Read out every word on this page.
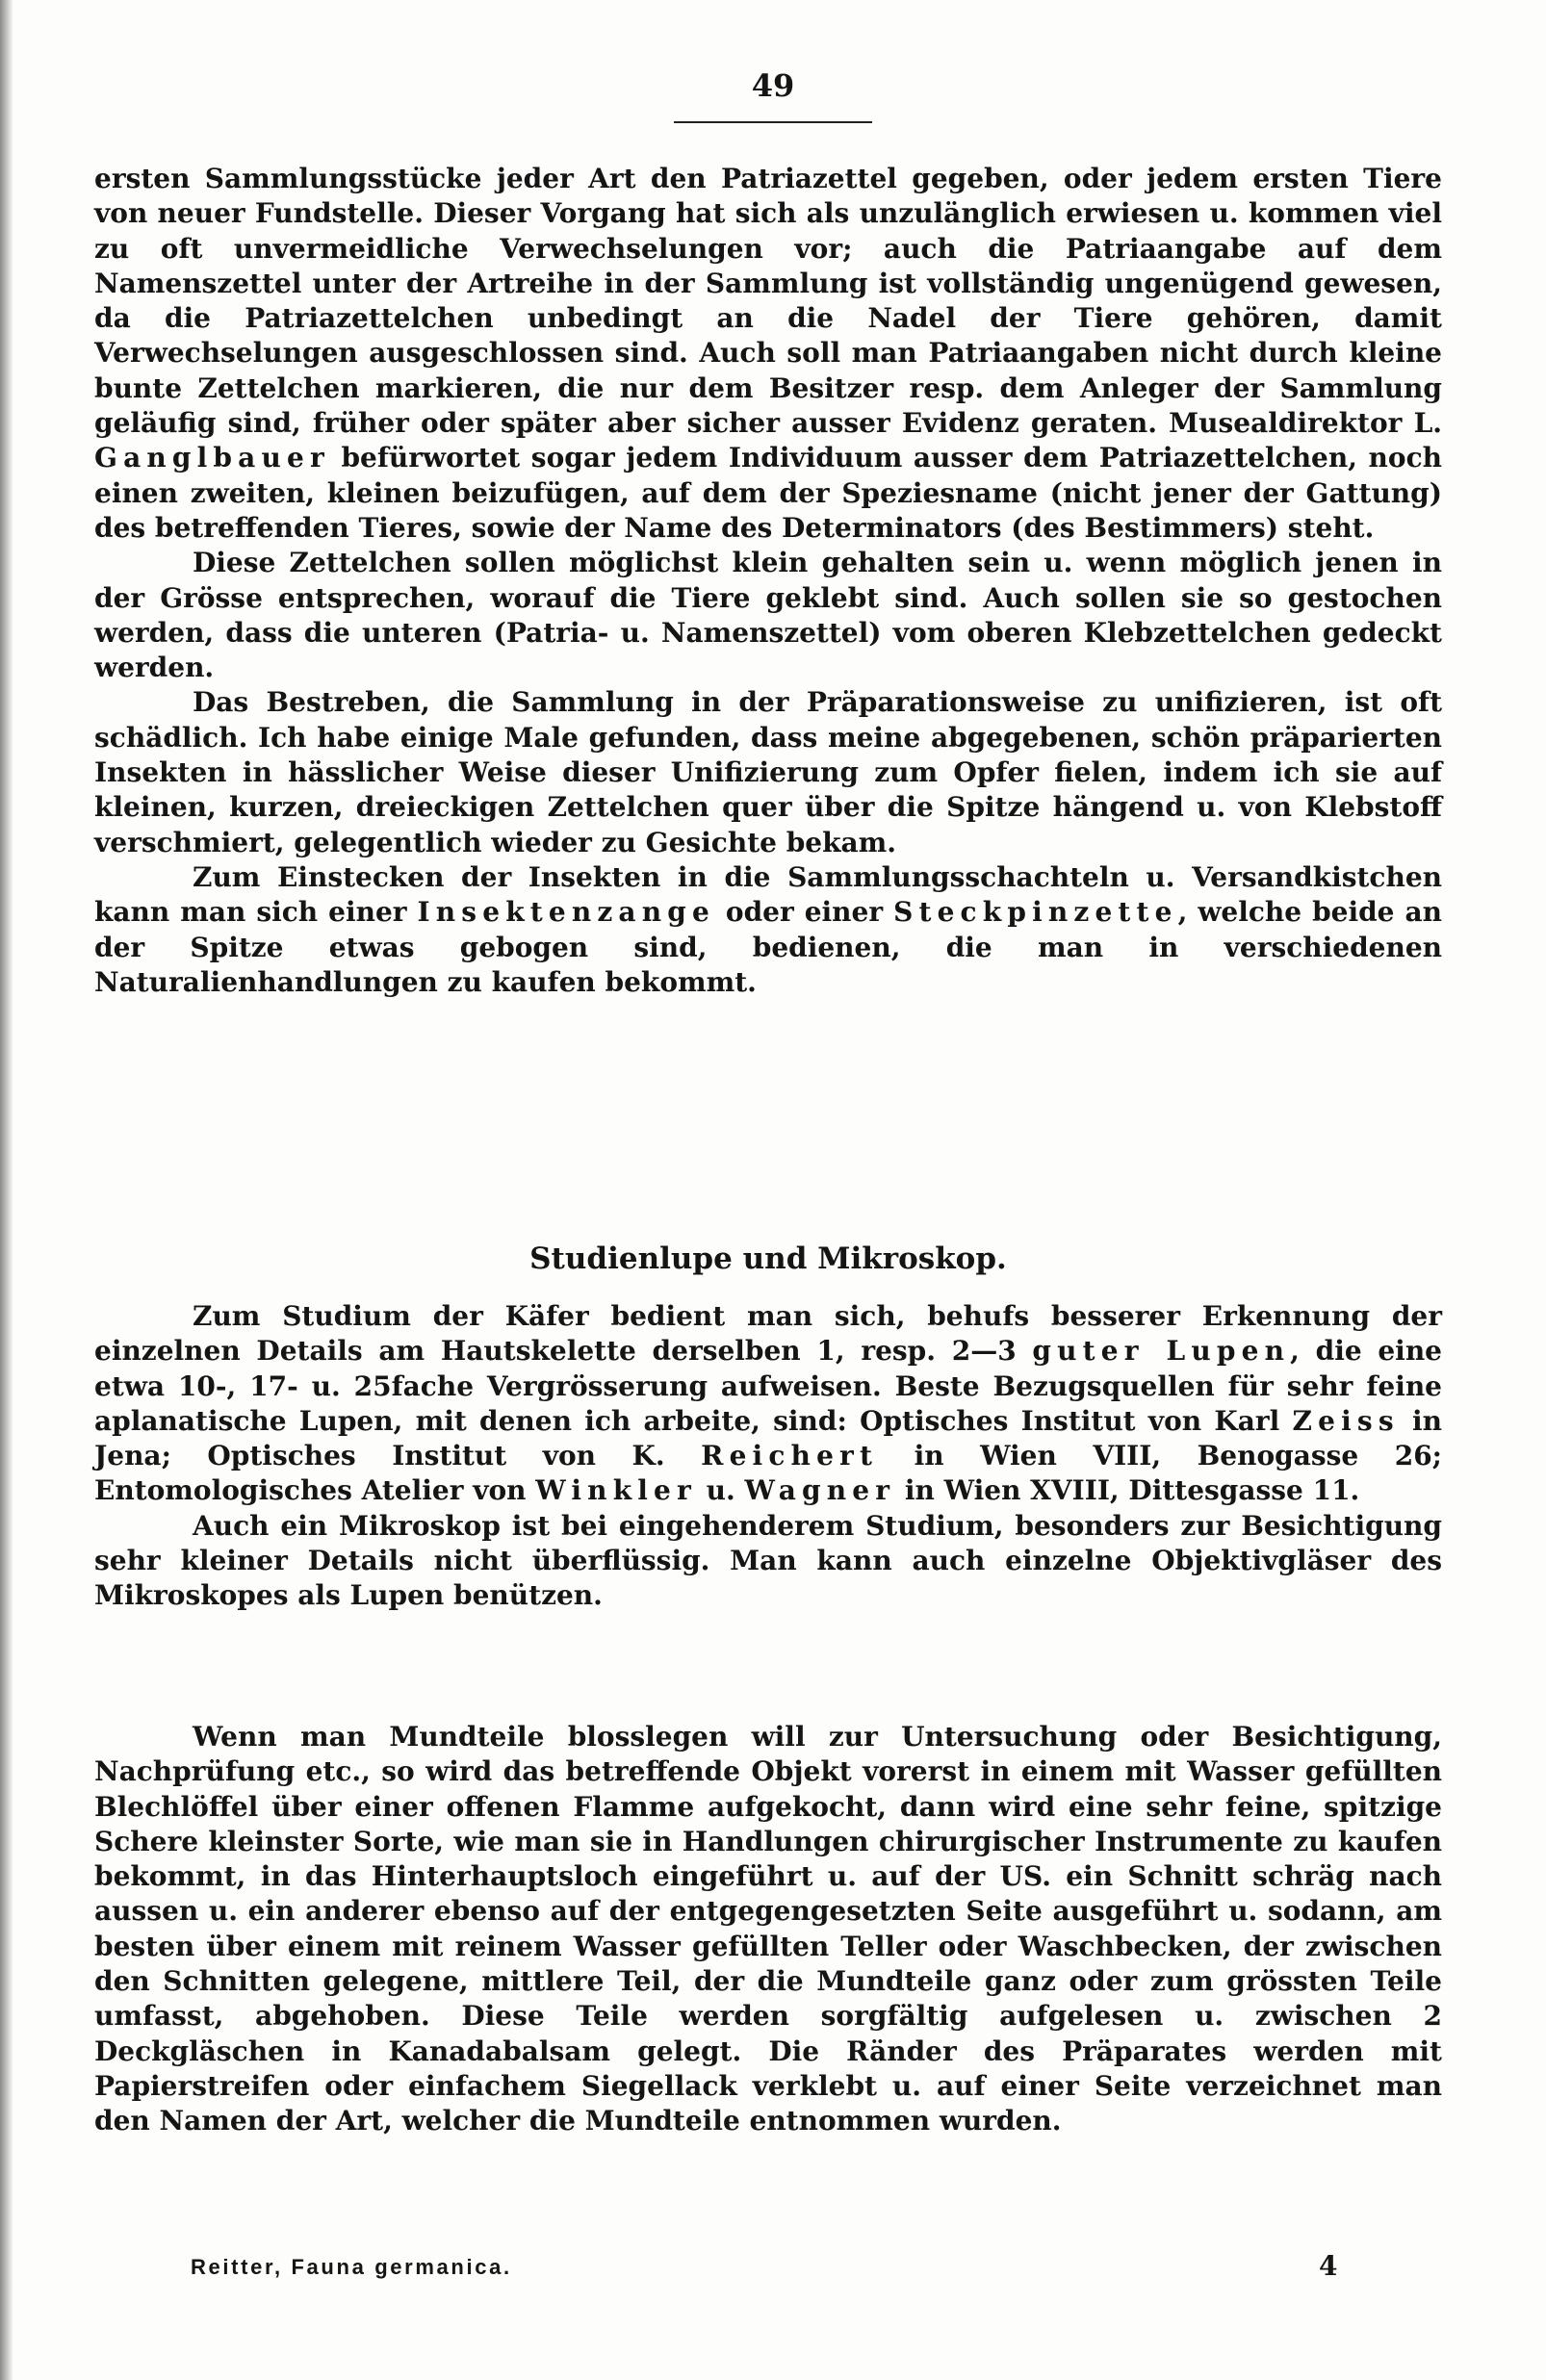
49

ersten Sammlungsstücke jeder Art den Patriazettel gegeben, oder jedem ersten Tiere von neuer Fundstelle. Dieser Vorgang hat sich als unzulänglich erwiesen u. kommen viel zu oft unvermeidliche Verwechselungen vor; auch die Patriaangabe auf dem Namenszettel unter der Artreihe in der Sammlung ist vollständig ungenügend gewesen, da die Patriazettelchen unbedingt an die Nadel der Tiere gehören, damit Verwechselungen ausgeschlossen sind. Auch soll man Patriaangaben nicht durch kleine bunte Zettelchen markieren, die nur dem Besitzer resp. dem Anleger der Sammlung geläufig sind, früher oder später aber sicher ausser Evidenz geraten. Musealdirektor L. Ganglbauer befürwortet sogar jedem Individuum ausser dem Patriazettelchen, noch einen zweiten, kleinen beizufügen, auf dem der Speziesname (nicht jener der Gattung) des betreffenden Tieres, sowie der Name des Determinators (des Bestimmers) steht.

Diese Zettelchen sollen möglichst klein gehalten sein u. wenn möglich jenen in der Grösse entsprechen, worauf die Tiere geklebt sind. Auch sollen sie so gestochen werden, dass die unteren (Patria- u. Namenszettel) vom oberen Klebzettelchen gedeckt werden.

Das Bestreben, die Sammlung in der Präparationsweise zu unifizieren, ist oft schädlich. Ich habe einige Male gefunden, dass meine abgegebenen, schön präparierten Insekten in hässlicher Weise dieser Unifizierung zum Opfer fielen, indem ich sie auf kleinen, kurzen, dreieckigen Zettelchen quer über die Spitze hängend u. von Klebstoff verschmiert, gelegentlich wieder zu Gesichte bekam.

Zum Einstecken der Insekten in die Sammlungsschachteln u. Versandkistchen kann man sich einer Insektenzange oder einer Steckpinzette, welche beide an der Spitze etwas gebogen sind, bedienen, die man in verschiedenen Naturalienhandlungen zu kaufen bekommt.

Studienlupe und Mikroskop.

Zum Studium der Käfer bedient man sich, behufs besserer Erkennung der einzelnen Details am Hautskelette derselben 1, resp. 2—3 guter Lupen, die eine etwa 10-, 17- u. 25fache Vergrösserung aufweisen. Beste Bezugsquellen für sehr feine aplanatische Lupen, mit denen ich arbeite, sind: Optisches Institut von Karl Zeiss in Jena; Optisches Institut von K. Reichert in Wien VIII, Benogasse 26; Entomologisches Atelier von Winkler u. Wagner in Wien XVIII, Dittesgasse 11.

Auch ein Mikroskop ist bei eingehenderem Studium, besonders zur Besichtigung sehr kleiner Details nicht überflüssig. Man kann auch einzelne Objektivgläser des Mikroskopes als Lupen benützen.

Wenn man Mundteile blosslegen will zur Untersuchung oder Besichtigung, Nachprüfung etc., so wird das betreffende Objekt vorerst in einem mit Wasser gefüllten Blechlöffel über einer offenen Flamme aufgekocht, dann wird eine sehr feine, spitzige Schere kleinster Sorte, wie man sie in Handlungen chirurgischer Instrumente zu kaufen bekommt, in das Hinterhauptsloch eingeführt u. auf der US. ein Schnitt schräg nach aussen u. ein anderer ebenso auf der entgegengesetzten Seite ausgeführt u. sodann, am besten über einem mit reinem Wasser gefüllten Teller oder Waschbecken, der zwischen den Schnitten gelegene, mittlere Teil, der die Mundteile ganz oder zum grössten Teile umfasst, abgehoben. Diese Teile werden sorgfältig aufgelesen u. zwischen 2 Deckgläschen in Kanadabalsam gelegt. Die Ränder des Präparates werden mit Papierstreifen oder einfachem Siegellack verklebt u. auf einer Seite verzeichnet man den Namen der Art, welcher die Mundteile entnommen wurden.

Reitter, Fauna germanica.	4
